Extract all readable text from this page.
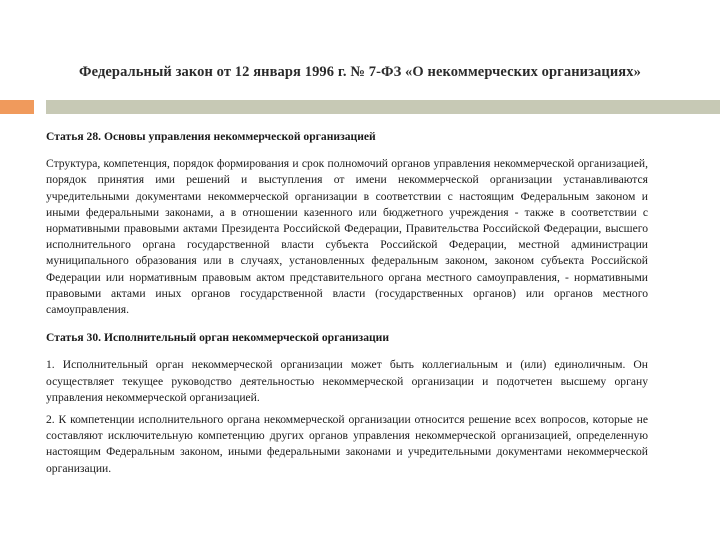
Федеральный закон от 12 января 1996 г. № 7-ФЗ «О некоммерческих организациях»

Статья 28. Основы управления некоммерческой организацией

Структура, компетенция, порядок формирования и срок полномочий органов управления некоммерческой организацией, порядок принятия ими решений и выступления от имени некоммерческой организации устанавливаются учредительными документами некоммерческой организации в соответствии с настоящим Федеральным законом и иными федеральными законами, а в отношении казенного или бюджетного учреждения - также в соответствии с нормативными правовыми актами Президента Российской Федерации, Правительства Российской Федерации, высшего исполнительного органа государственной власти субъекта Российской Федерации, местной администрации муниципального образования или в случаях, установленных федеральным законом, законом субъекта Российской Федерации или нормативным правовым актом представительного органа местного самоуправления, - нормативными правовыми актами иных органов государственной власти (государственных органов) или органов местного самоуправления.

Статья 30. Исполнительный орган некоммерческой организации

1. Исполнительный орган некоммерческой организации может быть коллегиальным и (или) единоличным. Он осуществляет текущее руководство деятельностью некоммерческой организации и подотчетен высшему органу управления некоммерческой организацией.

2. К компетенции исполнительного органа некоммерческой организации относится решение всех вопросов, которые не составляют исключительную компетенцию других органов управления некоммерческой организацией, определенную настоящим Федеральным законом, иными федеральными законами и учредительными документами некоммерческой организации.
